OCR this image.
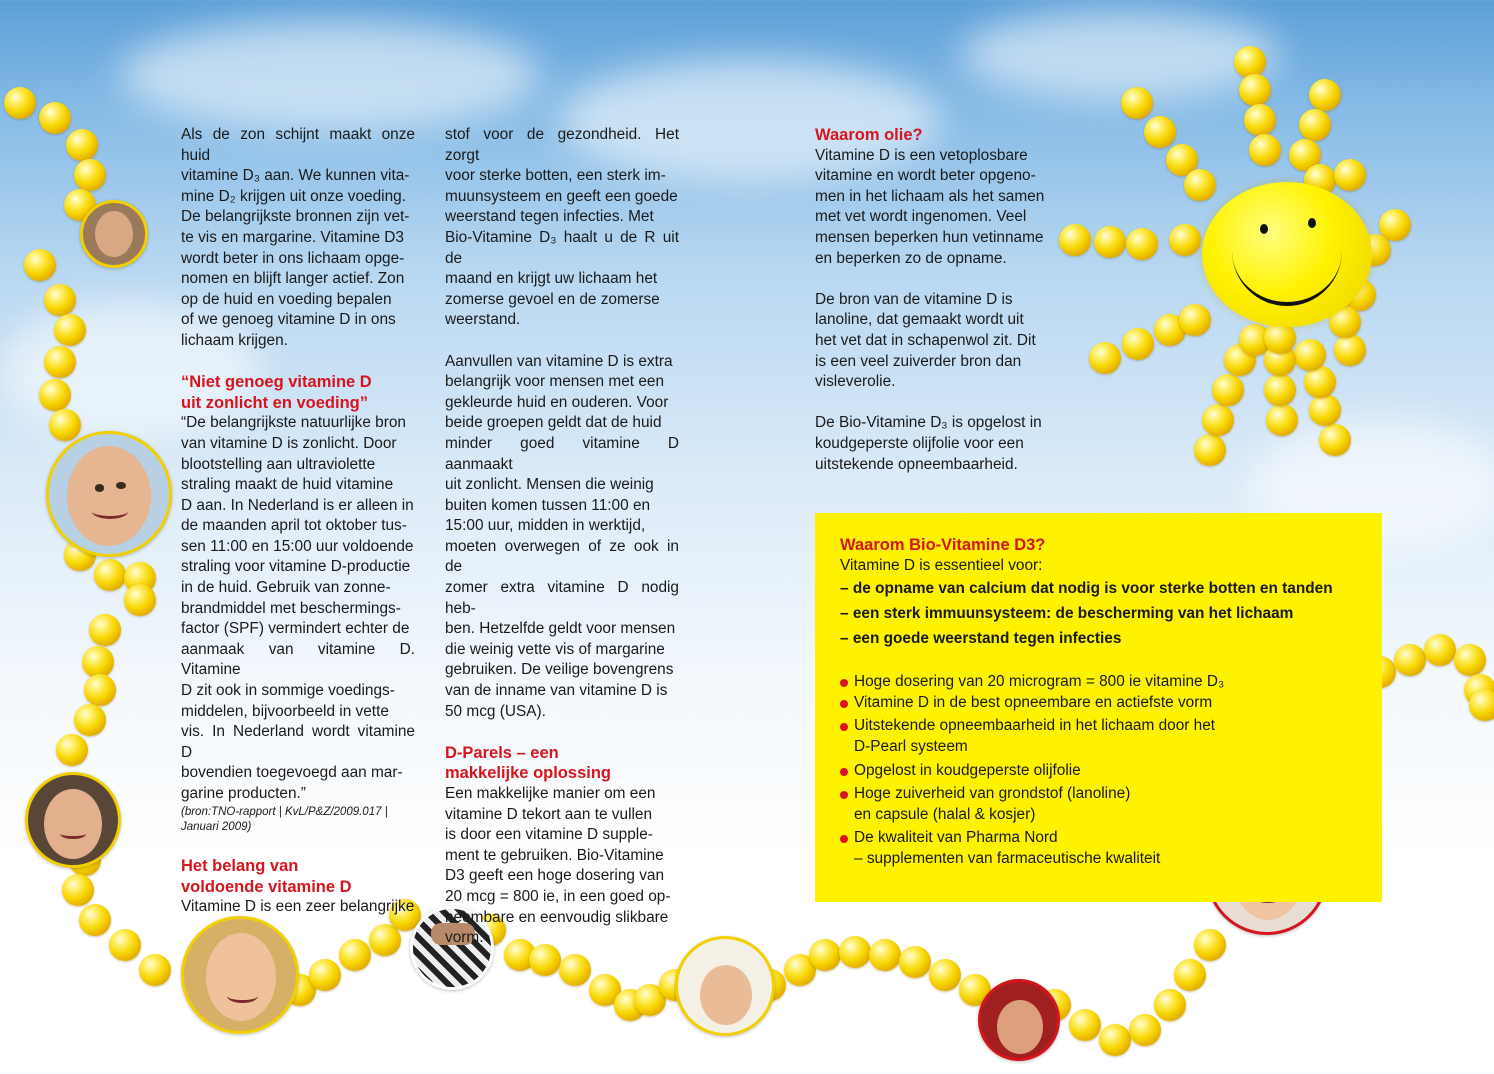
Als de zon schijnt maakt onze huid

vitamine D₃ aan. We kunnen vita-

mine D₂ krijgen uit onze voeding.

De belangrijkste bronnen zijn vet-

te vis en margarine. Vitamine D3

wordt beter in ons lichaam opge-

nomen en blijft langer actief. Zon

op de huid en voeding bepalen

of we genoeg vitamine D in ons

lichaam krijgen.

“Niet genoeg vitamine D

uit zonlicht en voeding”

“De belangrijkste natuurlijke bron

van vitamine D is zonlicht. Door

blootstelling aan ultraviolette

straling maakt de huid vitamine

D aan. In Nederland is er alleen in

de maanden april tot oktober tus-

sen 11:00 en 15:00 uur voldoende

straling voor vitamine D-productie

in de huid. Gebruik van zonne-

brandmiddel met beschermings-

factor (SPF) vermindert echter de

aanmaak van vitamine D. Vitamine

D zit ook in sommige voedings-

middelen, bijvoorbeeld in vette

vis. In Nederland wordt vitamine D

bovendien toegevoegd aan mar-

garine producten.”

(bron:TNO-rapport | KvL/P&Z/2009.017 |

Januari 2009)

Het belang van

voldoende vitamine D

Vitamine D is een zeer belangrijke

stof voor de gezondheid. Het zorgt

voor sterke botten, een sterk im-

muunsysteem en geeft een goede

weerstand tegen infecties. Met

Bio-Vitamine D₃ haalt u de R uit de

maand en krijgt uw lichaam het

zomerse gevoel en de zomerse

weerstand.

Aanvullen van vitamine D is extra

belangrijk voor mensen met een

gekleurde huid en ouderen. Voor

beide groepen geldt dat de huid

minder goed vitamine D aanmaakt

uit zonlicht. Mensen die weinig

buiten komen tussen 11:00 en

15:00 uur, midden in werktijd,

moeten overwegen of ze ook in de

zomer extra vitamine D nodig heb-

ben. Hetzelfde geldt voor mensen

die weinig vette vis of margarine

gebruiken. De veilige bovengrens

van de inname van vitamine D is

50 mcg (USA).

D-Parels – een

makkelijke oplossing

Een makkelijke manier om een

vitamine D tekort aan te vullen

is door een vitamine D supple-

ment te gebruiken. Bio-Vitamine

D3 geeft een hoge dosering van

20 mcg = 800 ie, in een goed op-

neembare en eenvoudig slikbare

vorm.

Waarom olie?

Vitamine D is een vetoplosbare

vitamine en wordt beter opgeno-

men in het lichaam als het samen

met vet wordt ingenomen. Veel

mensen beperken hun vetinname

en beperken zo de opname.

De bron van de vitamine D is

lanoline, dat gemaakt wordt uit

het vet dat in schapenwol zit. Dit

is een veel zuiverder bron dan

visleverolie.

De Bio-Vitamine D₃ is opgelost in

koudgeperste olijfolie voor een

uitstekende opneembaarheid.

Waarom Bio-Vitamine D3?
Vitamine D is essentieel voor:
– de opname van calcium dat nodig is voor sterke botten en tanden
– een sterk immuunsysteem: de bescherming van het lichaam
– een goede weerstand tegen infecties

Hoge dosering van 20 microgram = 800 ie vitamine D₃

Vitamine D in de best opneembare en actiefste vorm

Uitstekende opneembaarheid in het lichaam door het

D-Pearl systeem

Opgelost in koudgeperste olijfolie

Hoge zuiverheid van grondstof (lanoline)

en capsule (halal & kosjer)

De kwaliteit van Pharma Nord

– supplementen van farmaceutische kwaliteit
